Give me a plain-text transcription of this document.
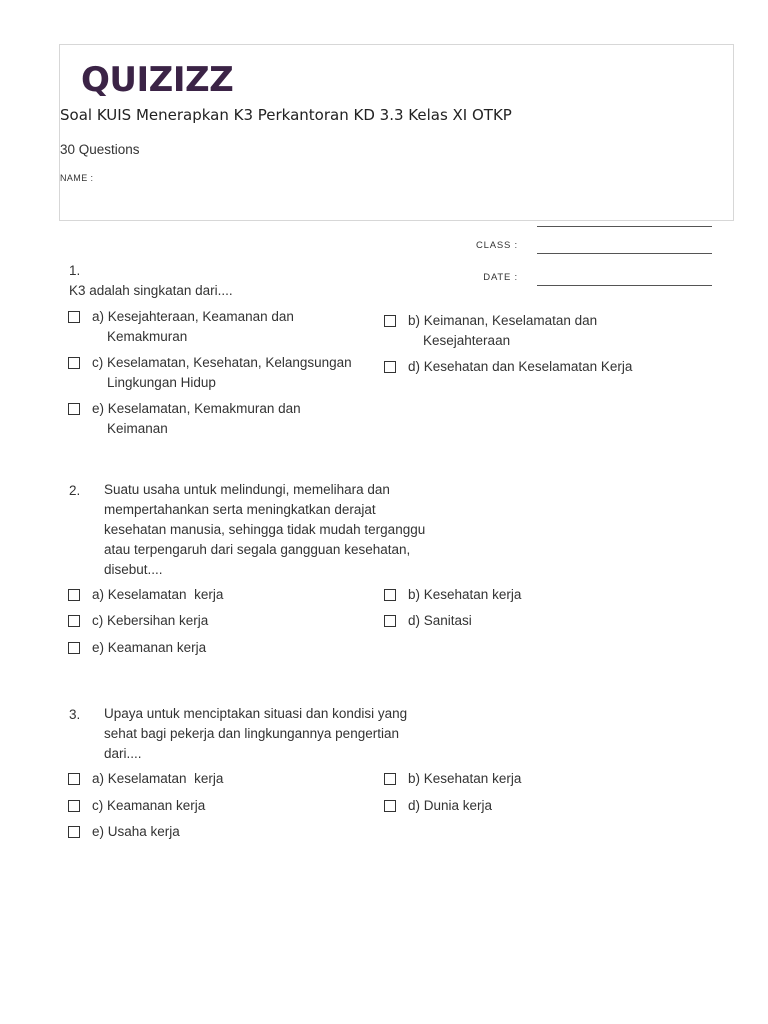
QUIZIZZ
Soal KUIS Menerapkan K3 Perkantoran KD 3.3 Kelas XI OTKP
30 Questions
NAME :
CLASS :
DATE :
1.
K3 adalah singkatan dari....
a) Kesejahteraan, Keamanan dan
Kemakmuran
b) Keimanan, Keselamatan dan
Kesejahteraan
c) Keselamatan, Kesehatan, Kelangsungan
Lingkungan Hidup
d) Kesehatan dan Keselamatan Kerja
e) Keselamatan, Kemakmuran dan
Keimanan
2. Suatu usaha untuk melindungi, memelihara dan
mempertahankan serta meningkatkan derajat
kesehatan manusia, sehingga tidak mudah terganggu
atau terpengaruh dari segala gangguan kesehatan,
disebut....
a) Keselamatan  kerja	b) Kesehatan kerja
c) Kebersihan kerja	d) Sanitasi
e) Keamanan kerja
3. Upaya untuk menciptakan situasi dan kondisi yang
sehat bagi pekerja dan lingkungannya pengertian
dari....
a) Keselamatan  kerja	b) Kesehatan kerja
c) Keamanan kerja	d) Dunia kerja
e) Usaha kerja
